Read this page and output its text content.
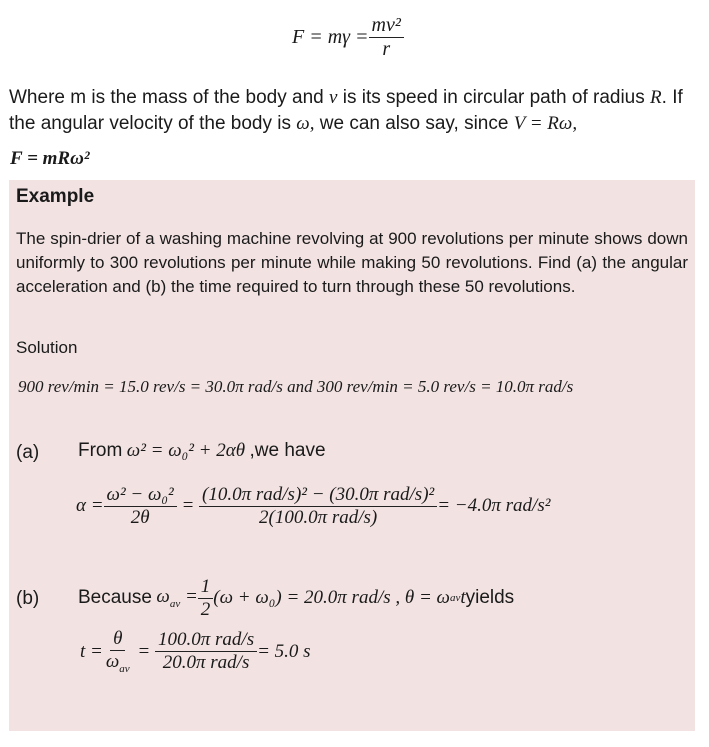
$F = m\gamma = \frac{\text{mv²}}{r}$
Where m is the mass of the body and v is its speed in circular path of radius R. If the angular velocity of the body is ω, we can also say, since V = Rω,
F = mRω²
Example
The spin-drier of a washing machine revolving at 900 revolutions per minute shows down uniformly to 300 revolutions per minute while making 50 revolutions. Find (a) the angular acceleration and (b) the time required to turn through these 50 revolutions.
Solution
900 rev/min = 15.0 rev/s = 30.0π rad/s and 300 rev/min = 5.0 rev/s = 10.0π rad/s
(a) From ω² = ω₀² + 2αθ ,we have
$\alpha = \frac{\text{ω² − ω₀²}}{2\theta} = \frac{\text{(10.0π rad/s)² − (30.0π rad/s)²}}{\text{2(100.0π rad/s)}} = -4.0\pi$ rad/s²
(b) Because
$\omega_{av} = \frac{1}{2} (\omega + \omega_0) = 20.0\pi$ rad/s , θ = ω av t yields
$t = \frac{\theta}{\omega_{av}} = \frac{\text{100.0π rad/s}}{\text{20.0π rad/s}} = 5.0$ s
